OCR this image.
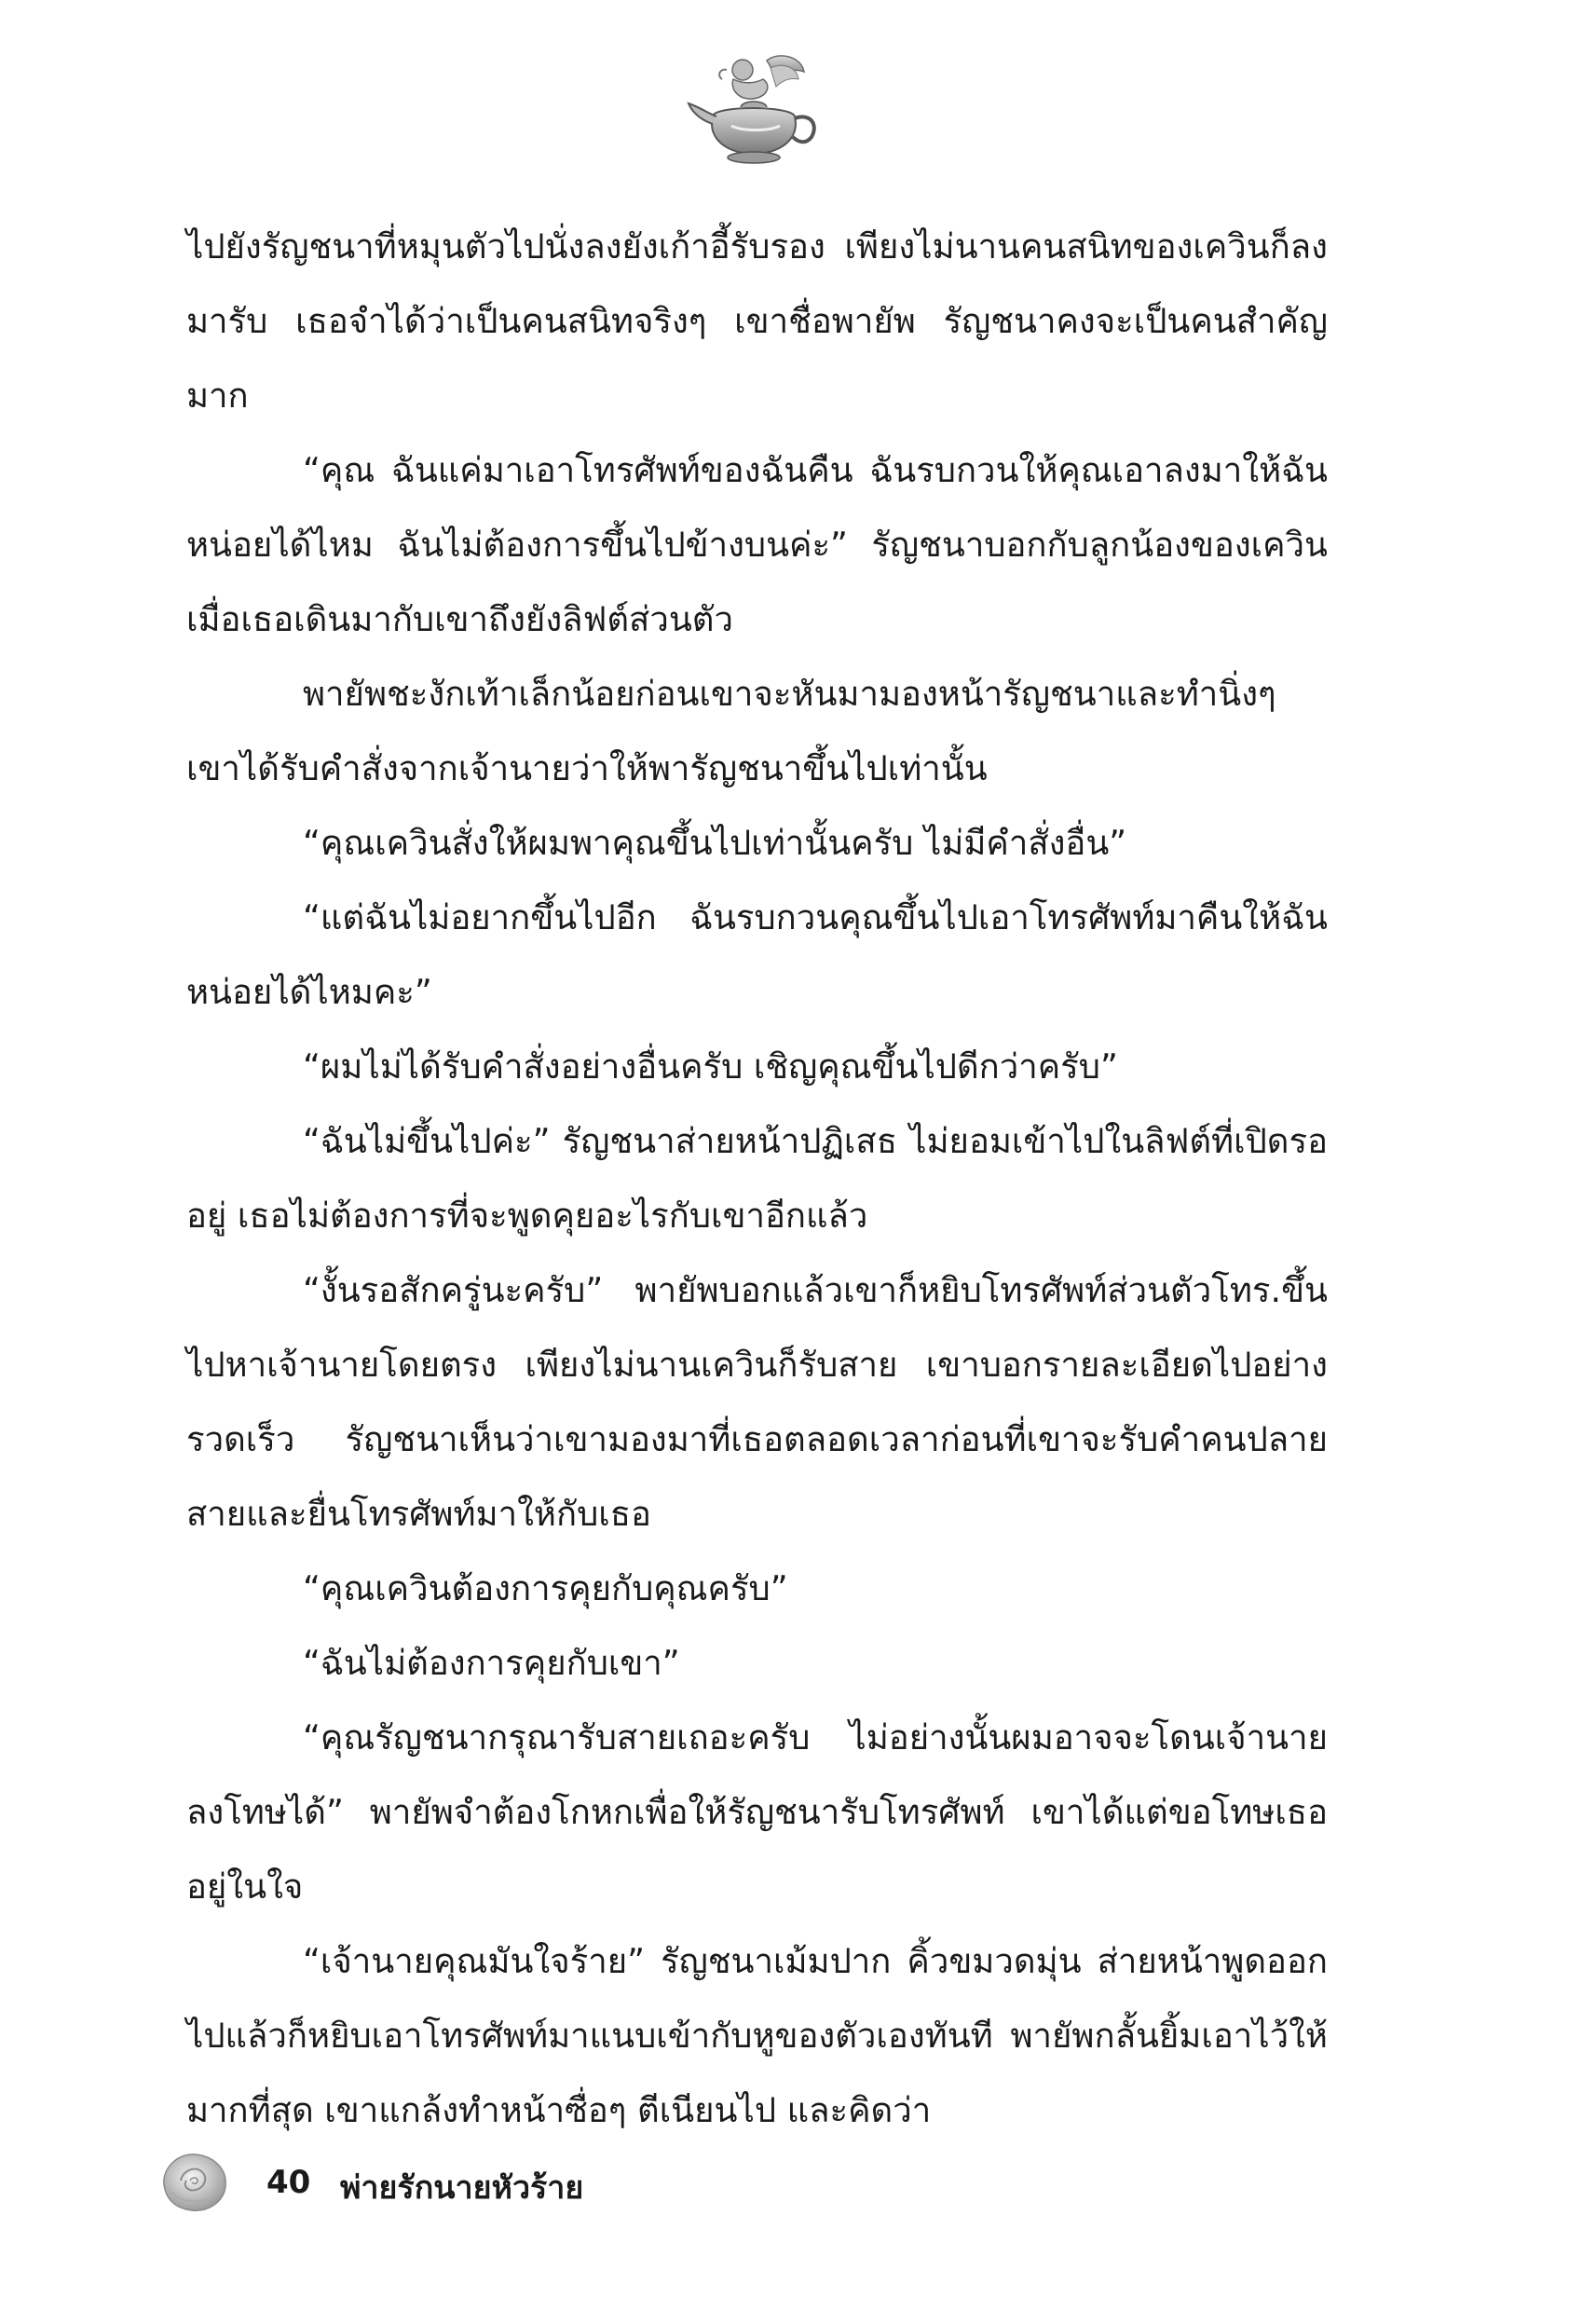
ไปยังรัญชนาที่หมุนตัวไปนั่งลงยังเก้าอี้รับรอง เพียงไม่นานคนสนิทของเควินก็ลงมารับ เธอจำได้ว่าเป็นคนสนิทจริงๆ เขาชื่อพายัพ รัญชนาคงจะเป็นคนสำคัญมาก

“คุณ ฉันแค่มาเอาโทรศัพท์ของฉันคืน ฉันรบกวนให้คุณเอาลงมาให้ฉันหน่อยได้ไหม ฉันไม่ต้องการขึ้นไปข้างบนค่ะ” รัญชนาบอกกับลูกน้องของเควินเมื่อเธอเดินมากับเขาถึงยังลิฟต์ส่วนตัว

พายัพชะงักเท้าเล็กน้อยก่อนเขาจะหันมามองหน้ารัญชนาและทำนิ่งๆ เขาได้รับคำสั่งจากเจ้านายว่าให้พารัญชนาขึ้นไปเท่านั้น

“คุณเควินสั่งให้ผมพาคุณขึ้นไปเท่านั้นครับ ไม่มีคำสั่งอื่น”

“แต่ฉันไม่อยากขึ้นไปอีก ฉันรบกวนคุณขึ้นไปเอาโทรศัพท์มาคืนให้ฉันหน่อยได้ไหมคะ”

“ผมไม่ได้รับคำสั่งอย่างอื่นครับ เชิญคุณขึ้นไปดีกว่าครับ”

“ฉันไม่ขึ้นไปค่ะ” รัญชนาส่ายหน้าปฏิเสธ ไม่ยอมเข้าไปในลิฟต์ที่เปิดรออยู่ เธอไม่ต้องการที่จะพูดคุยอะไรกับเขาอีกแล้ว

“งั้นรอสักครู่นะครับ” พายัพบอกแล้วเขาก็หยิบโทรศัพท์ส่วนตัวโทร.ขึ้นไปหาเจ้านายโดยตรง เพียงไม่นานเควินก็รับสาย เขาบอกรายละเอียดไปอย่างรวดเร็ว รัญชนาเห็นว่าเขามองมาที่เธอตลอดเวลาก่อนที่เขาจะรับคำคนปลายสายและยื่นโทรศัพท์มาให้กับเธอ

“คุณเควินต้องการคุยกับคุณครับ”

“ฉันไม่ต้องการคุยกับเขา”

“คุณรัญชนากรุณารับสายเถอะครับ ไม่อย่างนั้นผมอาจจะโดนเจ้านายลงโทษได้” พายัพจำต้องโกหกเพื่อให้รัญชนารับโทรศัพท์ เขาได้แต่ขอโทษเธออยู่ในใจ

“เจ้านายคุณมันใจร้าย” รัญชนาเม้มปาก คิ้วขมวดมุ่น ส่ายหน้าพูดออกไปแล้วก็หยิบเอาโทรศัพท์มาแนบเข้ากับหูของตัวเองทันที พายัพกลั้นยิ้มเอาไว้ให้มากที่สุด เขาแกล้งทำหน้าซื่อๆ ตีเนียนไป และคิดว่า

40 พ่ายรักนายหัวร้าย
